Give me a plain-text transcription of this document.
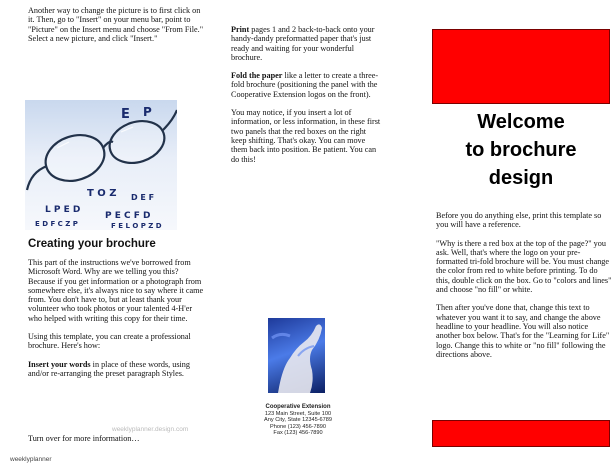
Another way to change the picture is to first click on it. Then, go to "Insert" on your menu bar, point to "Picture" on the Insert menu and choose "From File." Select a new picture, and click "Insert."

E P
T O Z
L P E D
P E C F D
E D F C Z P	F E L O P Z D
D E F
Creating your brochure

This part of the instructions we've borrowed from Microsoft Word. Why are we telling you this? Because if you get information or a photograph from somewhere else, it's always nice to say where it came from. You don't have to, but at least thank your volunteer who took photos or your talented 4-H'er who helped with writing this copy for their time.

Using this template, you can create a professional brochure. Here's how:

Insert your words in place of these words, using and/or re-arranging the preset paragraph Styles.

Turn over for more information…
weeklyplanner.design.com
weeklyplanner

Print pages 1 and 2 back-to-back onto your handy-dandy preformatted paper that's just ready and waiting for your wonderful brochure.

Fold the paper like a letter to create a three-fold brochure (positioning the panel with the Cooperative Extension logos on the front).

You may notice, if you insert a lot of information, or less information, in these first two panels that the red boxes on the right keep shifting. That's okay. You can move them back into position. Be patient. You can do this!

Cooperative Extension
123 Main Street, Suite 100
Any City, State 12345-6789
Phone (123) 456-7890
Fax (123) 456-7890
Welcome
to brochure
design

Before you do anything else, print this template so you will have a reference.

"Why is there a red box at the top of the page?" you ask. Well, that's where the logo on your pre-formatted tri-fold brochure will be. You must change the color from red to white before printing. To do this, double click on the box. Go to "colors and lines" and choose "no fill" or white.

Then after you've done that, change this text to whatever you want it to say, and change the above headline to your headline. You will also notice another box below. That's for the "Learning for Life" logo. Change this to white or "no fill" following the directions above.
